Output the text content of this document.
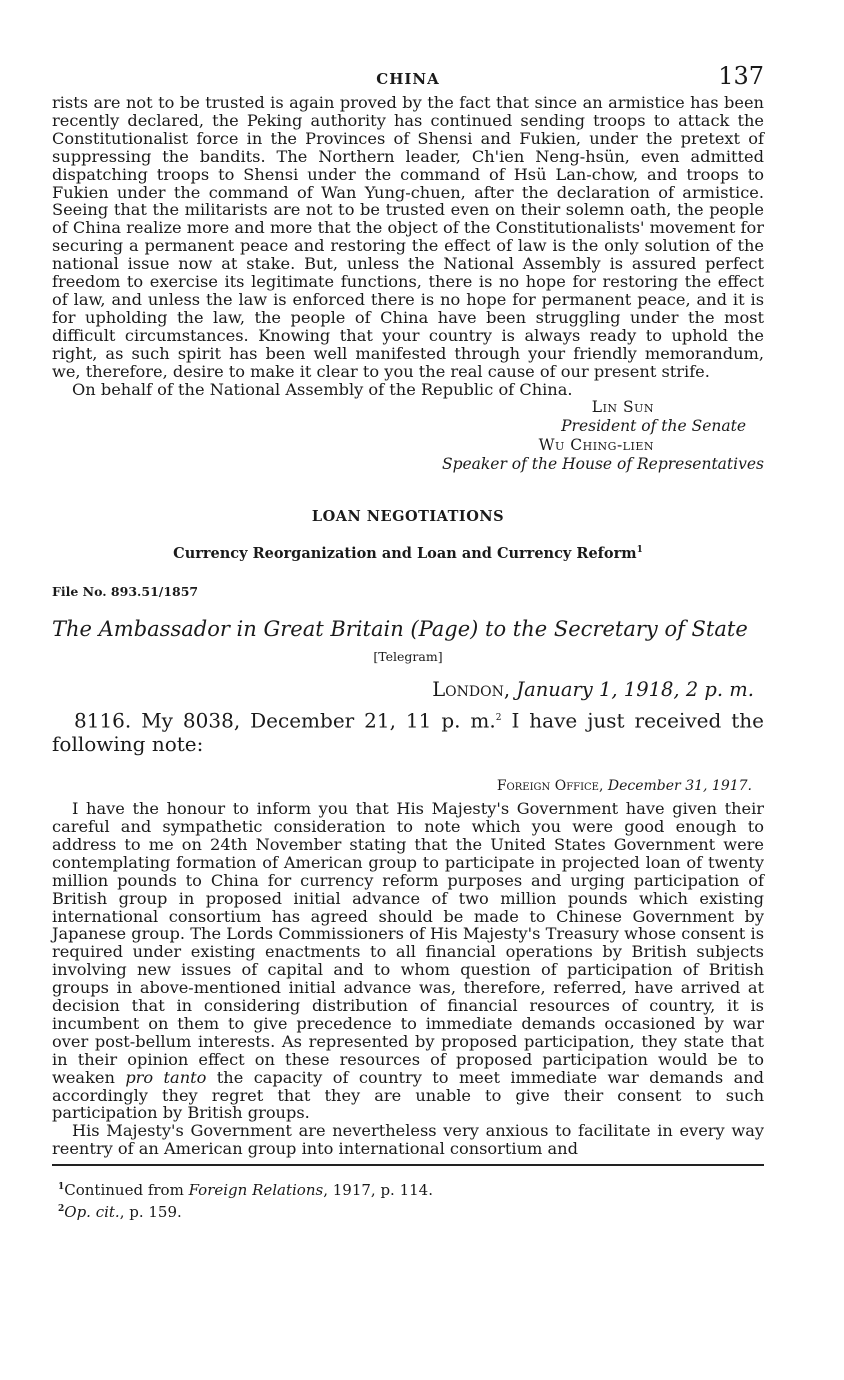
CHINA	137

rists are not to be trusted is again proved by the fact that since an armistice has been recently declared, the Peking authority has continued sending troops to attack the Constitutionalist force in the Provinces of Shensi and Fukien, under the pretext of suppressing the bandits. The Northern leader, Ch'ien Neng-hsün, even admitted dispatching troops to Shensi under the command of Hsü Lan-chow, and troops to Fukien under the command of Wan Yung-chuen, after the declaration of armistice. Seeing that the militarists are not to be trusted even on their solemn oath, the people of China realize more and more that the object of the Constitutionalists' movement for securing a permanent peace and restoring the effect of law is the only solution of the national issue now at stake. But, unless the National Assembly is assured perfect freedom to exercise its legitimate functions, there is no hope for restoring the effect of law, and unless the law is enforced there is no hope for permanent peace, and it is for upholding the law, the people of China have been struggling under the most difficult circumstances. Knowing that your country is always ready to uphold the right, as such spirit has been well manifested through your friendly memorandum, we, therefore, desire to make it clear to you the real cause of our present strife.

On behalf of the National Assembly of the Republic of China.

Lin Sun
President of the Senate
Wu Ching-lien
Speaker of the House of Representatives
LOAN NEGOTIATIONS
Currency Reorganization and Loan and Currency Reform$^1$
File No. 893.51/1857
The Ambassador in Great Britain (Page) to the Secretary of State
[Telegram]
London, January 1, 1918, 2 p. m.

8116. My 8038, December 21, 11 p. m.$^2$ I have just received the following note:

Foreign Office, December 31, 1917.

I have the honour to inform you that His Majesty's Government have given their careful and sympathetic consideration to note which you were good enough to address to me on 24th November stating that the United States Government were contemplating formation of American group to participate in projected loan of twenty million pounds to China for currency reform purposes and urging participation of British group in proposed initial advance of two million pounds which existing international consortium has agreed should be made to Chinese Government by Japanese group. The Lords Commissioners of His Majesty's Treasury whose consent is required under existing enactments to all financial operations by British subjects involving new issues of capital and to whom question of participation of British groups in above-mentioned initial advance was, therefore, referred, have arrived at decision that in considering distribution of financial resources of country, it is incumbent on them to give precedence to immediate demands occasioned by war over post-bellum interests. As represented by proposed participation, they state that in their opinion effect on these resources of proposed participation would be to weaken pro tanto the capacity of country to meet immediate war demands and accordingly they regret that they are unable to give their consent to such participation by British groups.

His Majesty's Government are nevertheless very anxious to facilitate in every way reentry of an American group into international consortium and

$^1$Continued from Foreign Relations, 1917, p. 114.
$^2$Op. cit., p. 159.
